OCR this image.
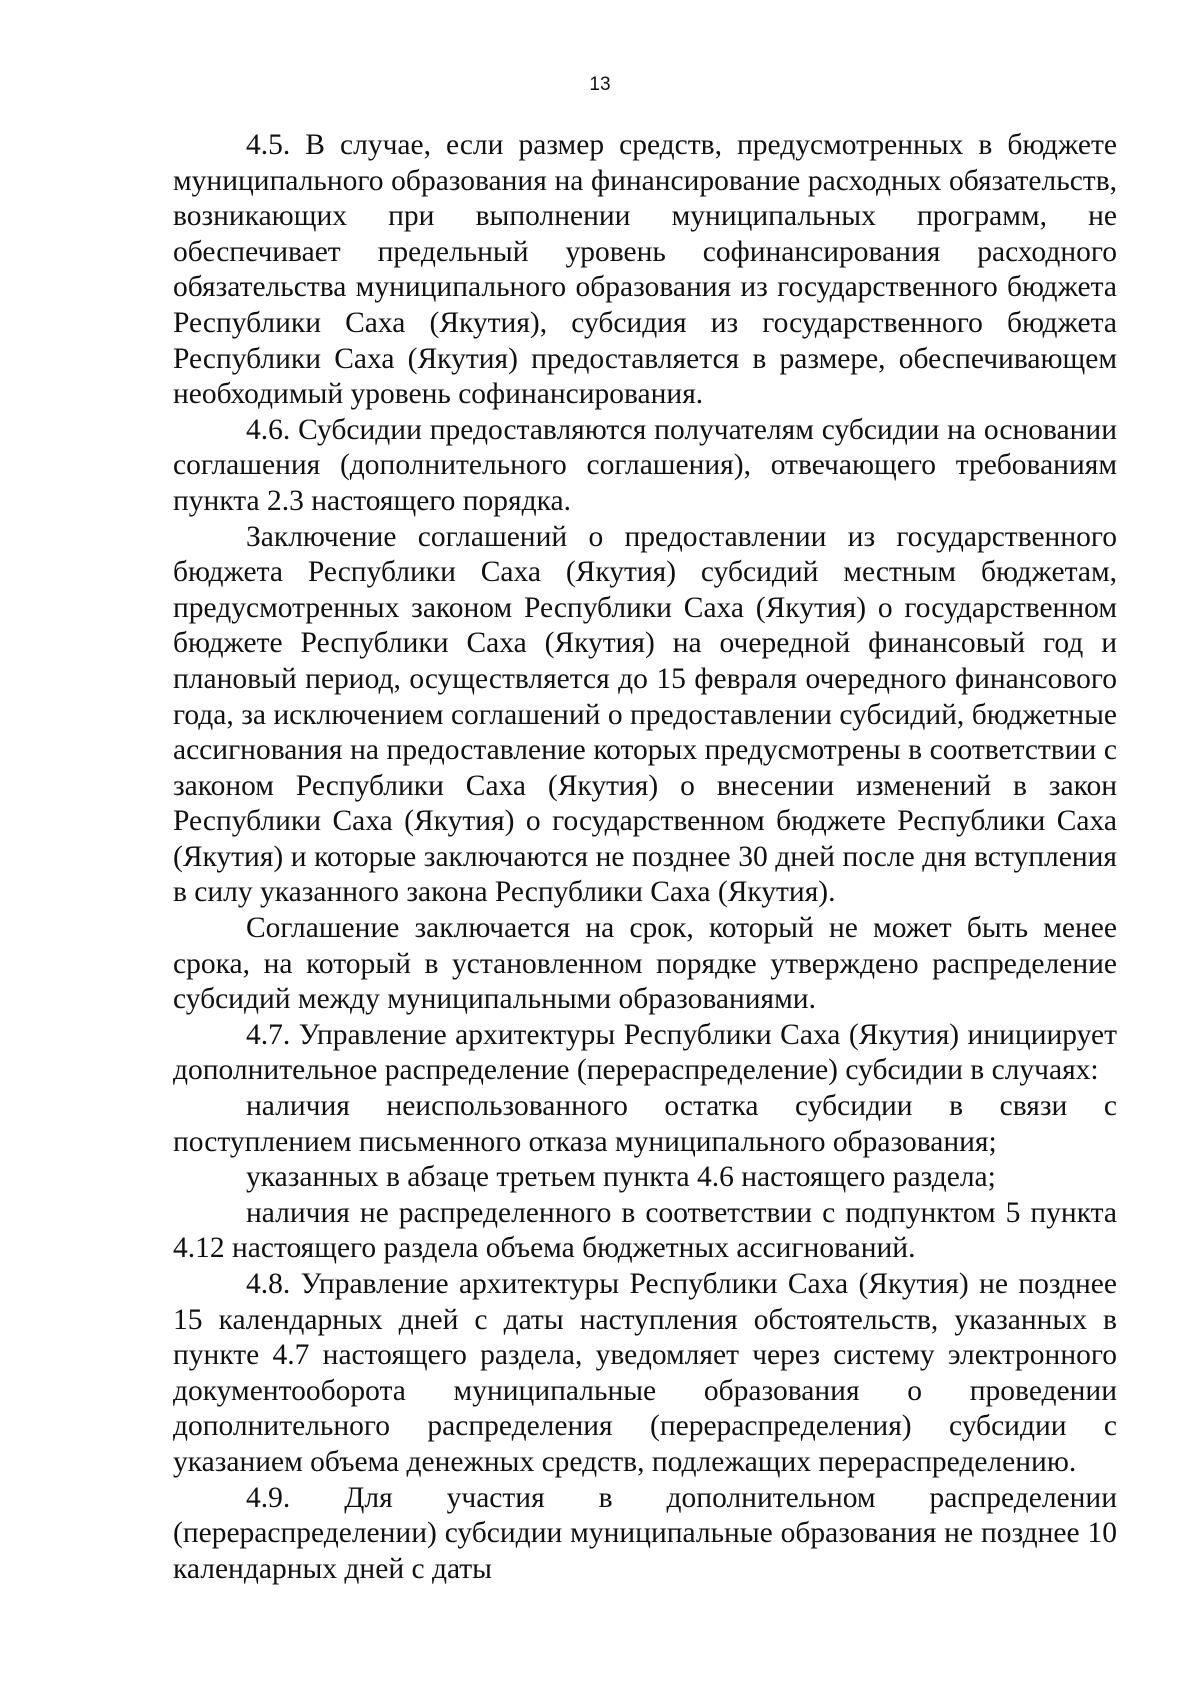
13

4.5. В случае, если размер средств, предусмотренных в бюджете муниципального образования на финансирование расходных обязательств, возникающих при выполнении муниципальных программ, не обеспечивает предельный уровень софинансирования расходного обязательства муниципального образования из государственного бюджета Республики Саха (Якутия), субсидия из государственного бюджета Республики Саха (Якутия) предоставляется в размере, обеспечивающем необходимый уровень софинансирования.

4.6. Субсидии предоставляются получателям субсидии на основании соглашения (дополнительного соглашения), отвечающего требованиям пункта 2.3 настоящего порядка.

Заключение соглашений о предоставлении из государственного бюджета Республики Саха (Якутия) субсидий местным бюджетам, предусмотренных законом Республики Саха (Якутия) о государственном бюджете Республики Саха (Якутия) на очередной финансовый год и плановый период, осуществляется до 15 февраля очередного финансового года, за исключением соглашений о предоставлении субсидий, бюджетные ассигнования на предоставление которых предусмотрены в соответствии с законом Республики Саха (Якутия) о внесении изменений в закон Республики Саха (Якутия) о государственном бюджете Республики Саха (Якутия) и которые заключаются не позднее 30 дней после дня вступления в силу указанного закона Республики Саха (Якутия).

Соглашение заключается на срок, который не может быть менее срока, на который в установленном порядке утверждено распределение субсидий между муниципальными образованиями.

4.7. Управление архитектуры Республики Саха (Якутия) инициирует дополнительное распределение (перераспределение) субсидии в случаях:

наличия неиспользованного остатка субсидии в связи с поступлением письменного отказа муниципального образования;

указанных в абзаце третьем пункта 4.6 настоящего раздела;

наличия не распределенного в соответствии с подпунктом 5 пункта 4.12 настоящего раздела объема бюджетных ассигнований.

4.8. Управление архитектуры Республики Саха (Якутия) не позднее 15 календарных дней с даты наступления обстоятельств, указанных в пункте 4.7 настоящего раздела, уведомляет через систему электронного документооборота муниципальные образования о проведении дополнительного распределения (перераспределения) субсидии с указанием объема денежных средств, подлежащих перераспределению.

4.9. Для участия в дополнительном распределении (перераспределении) субсидии муниципальные образования не позднее 10 календарных дней с даты
